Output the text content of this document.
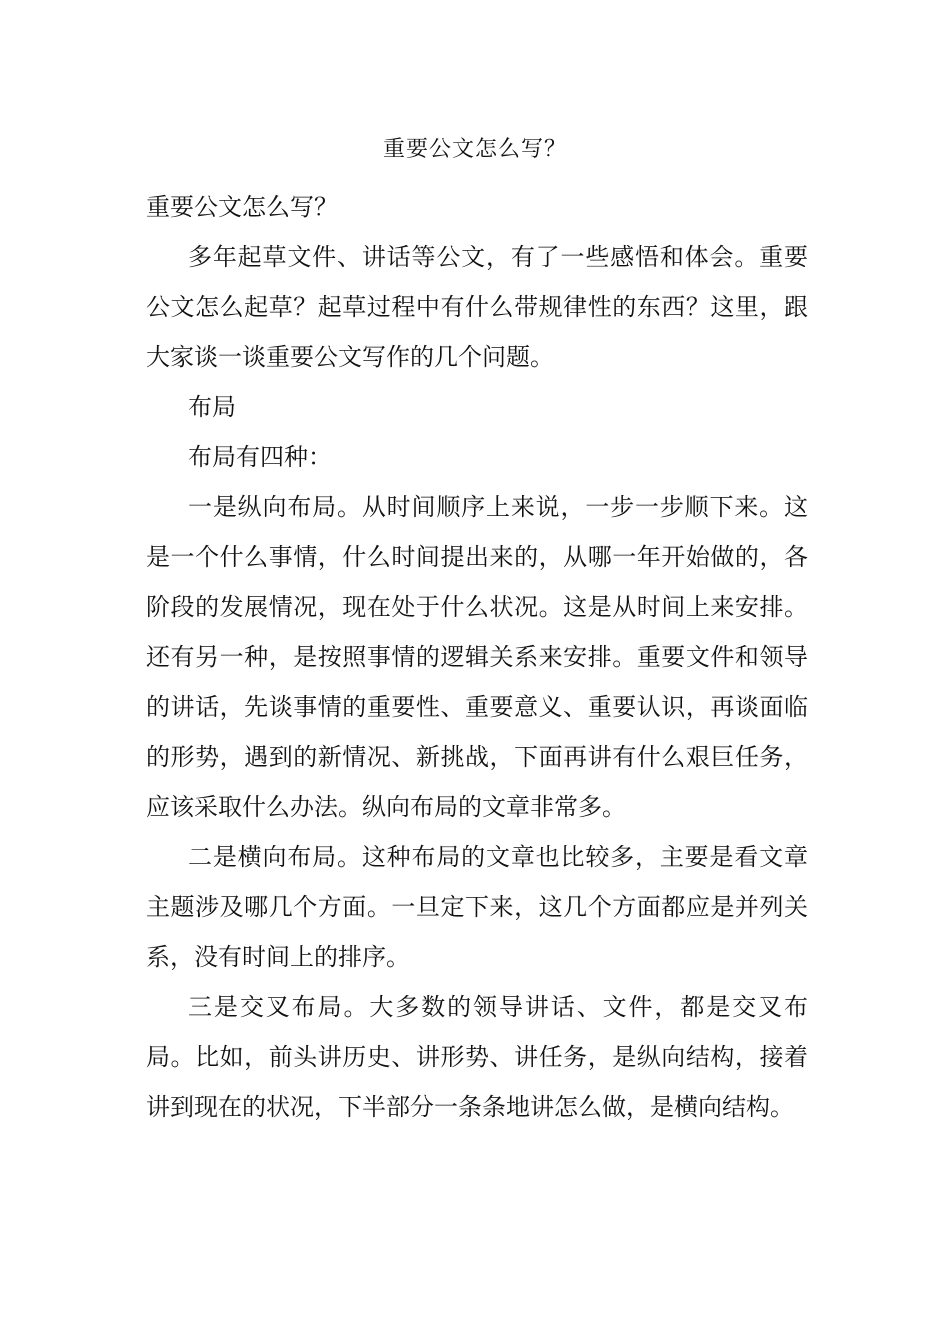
重要公文怎么写？

重要公文怎么写？

多年起草文件、讲话等公文，有了一些感悟和体会。重要公文怎么起草？起草过程中有什么带规律性的东西？这里，跟大家谈一谈重要公文写作的几个问题。

布局

布局有四种：

一是纵向布局。从时间顺序上来说，一步一步顺下来。这是一个什么事情，什么时间提出来的，从哪一年开始做的，各阶段的发展情况，现在处于什么状况。这是从时间上来安排。还有另一种，是按照事情的逻辑关系来安排。重要文件和领导的讲话，先谈事情的重要性、重要意义、重要认识，再谈面临的形势，遇到的新情况、新挑战，下面再讲有什么艰巨任务，应该采取什么办法。纵向布局的文章非常多。

二是横向布局。这种布局的文章也比较多，主要是看文章主题涉及哪几个方面。一旦定下来，这几个方面都应是并列关系，没有时间上的排序。

三是交叉布局。大多数的领导讲话、文件，都是交叉布局。比如，前头讲历史、讲形势、讲任务，是纵向结构，接着讲到现在的状况，下半部分一条条地讲怎么做，是横向结构。
